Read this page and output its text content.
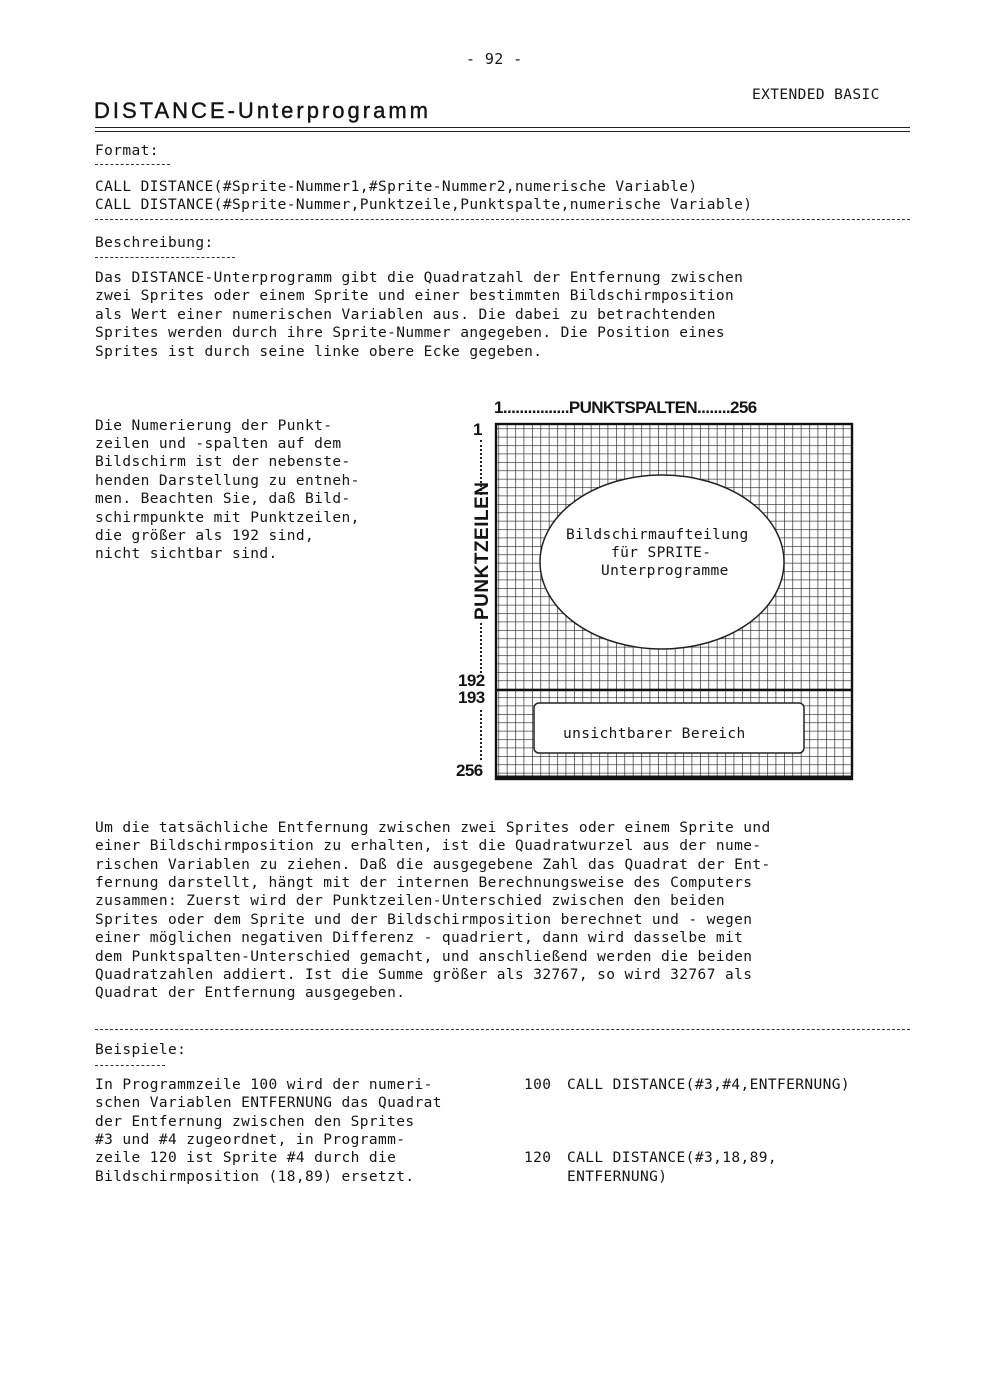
- 92 -
EXTENDED BASIC
DISTANCE-Unterprogramm
Format:
CALL DISTANCE(#Sprite-Nummer1,#Sprite-Nummer2,numerische Variable)
CALL DISTANCE(#Sprite-Nummer,Punktzeile,Punktspalte,numerische Variable)
Beschreibung:
Das DISTANCE-Unterprogramm gibt die Quadratzahl der Entfernung zwischen
zwei Sprites oder einem Sprite und einer bestimmten Bildschirmposition
als Wert einer numerischen Variablen aus. Die dabei zu betrachtenden
Sprites werden durch ihre Sprite-Nummer angegeben. Die Position eines
Sprites ist durch seine linke obere Ecke gegeben.
Die Numerierung der Punkt-
zeilen und -spalten auf dem
Bildschirm ist der nebenste-
henden Darstellung zu entneh-
men. Beachten Sie, daß Bild-
schirmpunkte mit Punktzeilen,
die größer als 192 sind,
nicht sichtbar sind.
1................PUNKTSPALTEN........256
1
PUNKTZEILEN
192
193
256
Bildschirmaufteilung
für SPRITE-
Unterprogramme
unsichtbarer Bereich
Um die tatsächliche Entfernung zwischen zwei Sprites oder einem Sprite und
einer Bildschirmposition zu erhalten, ist die Quadratwurzel aus der nume-
rischen Variablen zu ziehen. Daß die ausgegebene Zahl das Quadrat der Ent-
fernung darstellt, hängt mit der internen Berechnungsweise des Computers
zusammen: Zuerst wird der Punktzeilen-Unterschied zwischen den beiden
Sprites oder dem Sprite und der Bildschirmposition berechnet und - wegen
einer möglichen negativen Differenz - quadriert, dann wird dasselbe mit
dem Punktspalten-Unterschied gemacht, und anschließend werden die beiden
Quadratzahlen addiert. Ist die Summe größer als 32767, so wird 32767 als
Quadrat der Entfernung ausgegeben.
Beispiele:
In Programmzeile 100 wird der numeri-
schen Variablen ENTFERNUNG das Quadrat
der Entfernung zwischen den Sprites
#3 und #4 zugeordnet, in Programm-
zeile 120 ist Sprite #4 durch die
Bildschirmposition (18,89) ersetzt.
100 CALL DISTANCE(#3,#4,ENTFERNUNG)
120 CALL DISTANCE(#3,18,89,
ENTFERNUNG)
